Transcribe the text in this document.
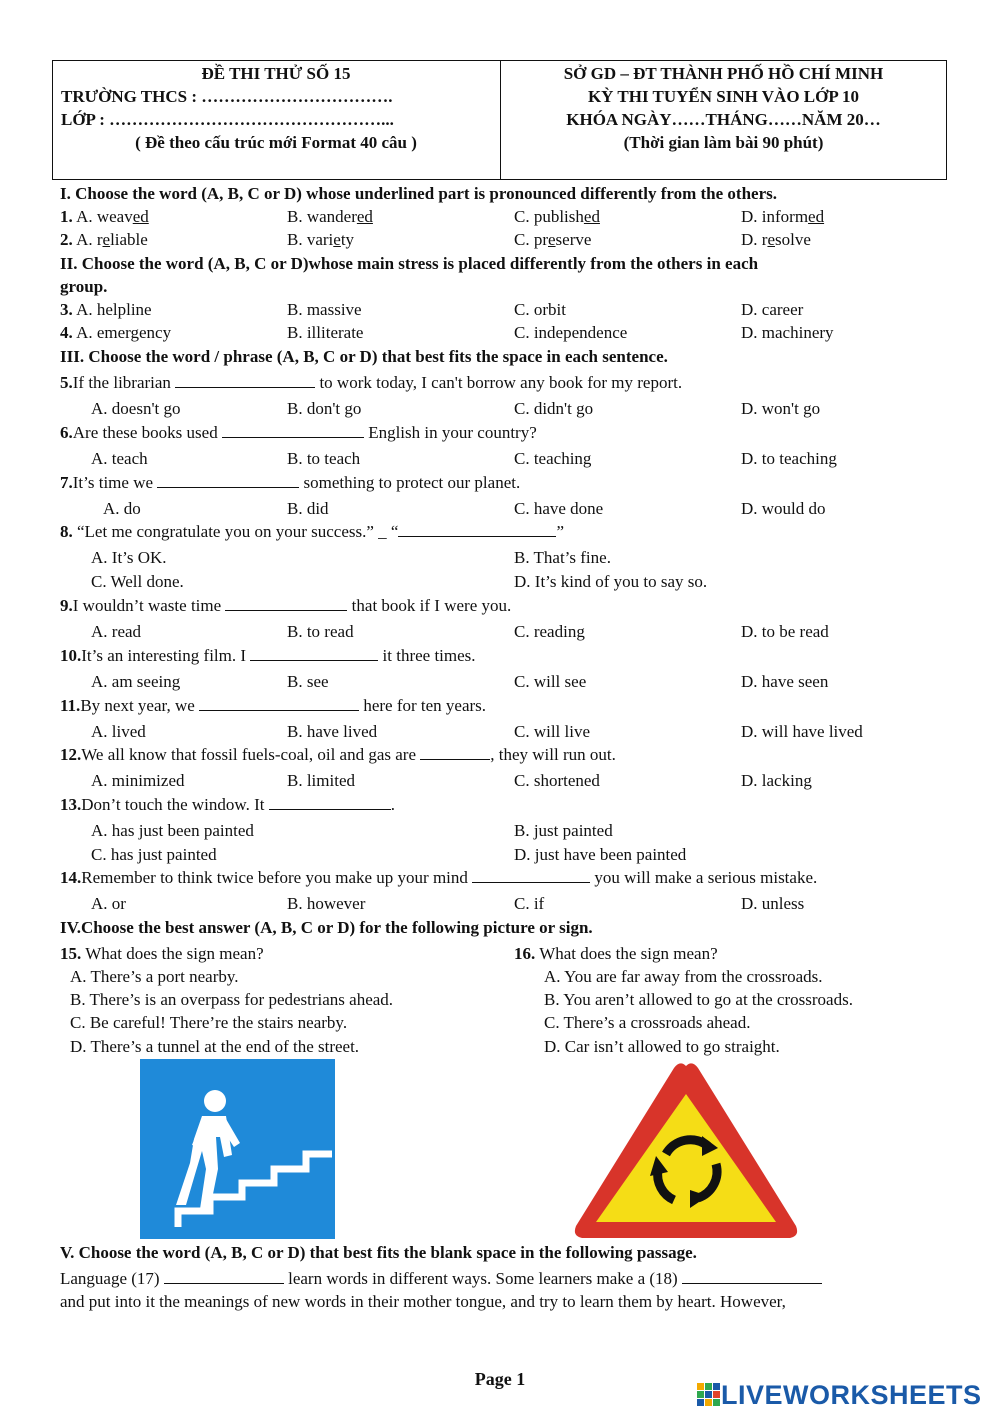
ĐỀ THI THỬ SỐ 15
TRƯỜNG THCS : …………………………….
LỚP : …………………………………………...
( Đề theo cấu trúc mới Format 40 câu )
SỞ GD – ĐT THÀNH PHỐ HỒ CHÍ MINH
KỲ THI TUYỂN SINH VÀO LỚP 10
KHÓA NGÀY……THÁNG……NĂM 20…
(Thời gian làm bài 90 phút)
I. Choose the word (A, B, C or D) whose underlined part is pronounced differently from the others.
1. A. weaved	B. wandered	C. published	D. informed
2. A. reliable	B. variety	C. preserve	D. resolve
II. Choose the word (A, B, C or D)whose main stress is placed differently from the others in each
group.
3. A. helpline	B. massive	C. orbit	D. career
4. A. emergency	B. illiterate	C. independence	D. machinery
III. Choose the word / phrase (A, B, C or D) that best fits the space in each sentence.
5.If the librarian	to work today, I can't borrow any book for my report.
A. doesn't go	B. don't go	C. didn't go	D. won't go
6.Are these books used	English in your country?
A. teach	B. to teach	C. teaching	D. to teaching
7.It’s time we	something to protect our planet.
A. do	B. did	C. have done	D. would do
8. “Let me congratulate you on your success.” _ “	”
A. It’s OK.	B. That’s fine.
C. Well done.	D. It’s kind of you to say so.
9.I wouldn’t waste time	that book if I were you.
A. read	B. to read	C. reading	D. to be read
10.It’s an interesting film. I	it three times.
A. am seeing	B. see	C. will see	D. have seen
11.By next year, we	here for ten years.
A. lived	B. have lived	C. will live	D. will have lived
12.We all know that fossil fuels-coal, oil and gas are	, they will run out.
A. minimized	B. limited	C. shortened	D. lacking
13.Don’t touch the window. It	.
A. has just been painted	B. just painted
C. has just painted	D. just have been painted
14.Remember to think twice before you make up your mind	you will make a serious mistake.
A. or	B. however	C. if	D. unless
IV.Choose the best answer (A, B, C or D) for the following picture or sign.
15. What does the sign mean?
A. There’s a port nearby.
B. There’s is an overpass for pedestrians ahead.
C. Be careful! There’re the stairs nearby.
D. There’s a tunnel at the end of the street.
16. What does the sign mean?
A. You are far away from the crossroads.
B. You aren’t allowed to go at the crossroads.
C. There’s a crossroads ahead.
D. Car isn’t allowed to go straight.
V. Choose the word (A, B, C or D) that best fits the blank space in the following passage.
Language (17)	learn words in different ways. Some learners make a (18)
and put into it the meanings of new words in their mother tongue, and try to learn them by heart. However,
Page 1
LIVEWORKSHEETS
